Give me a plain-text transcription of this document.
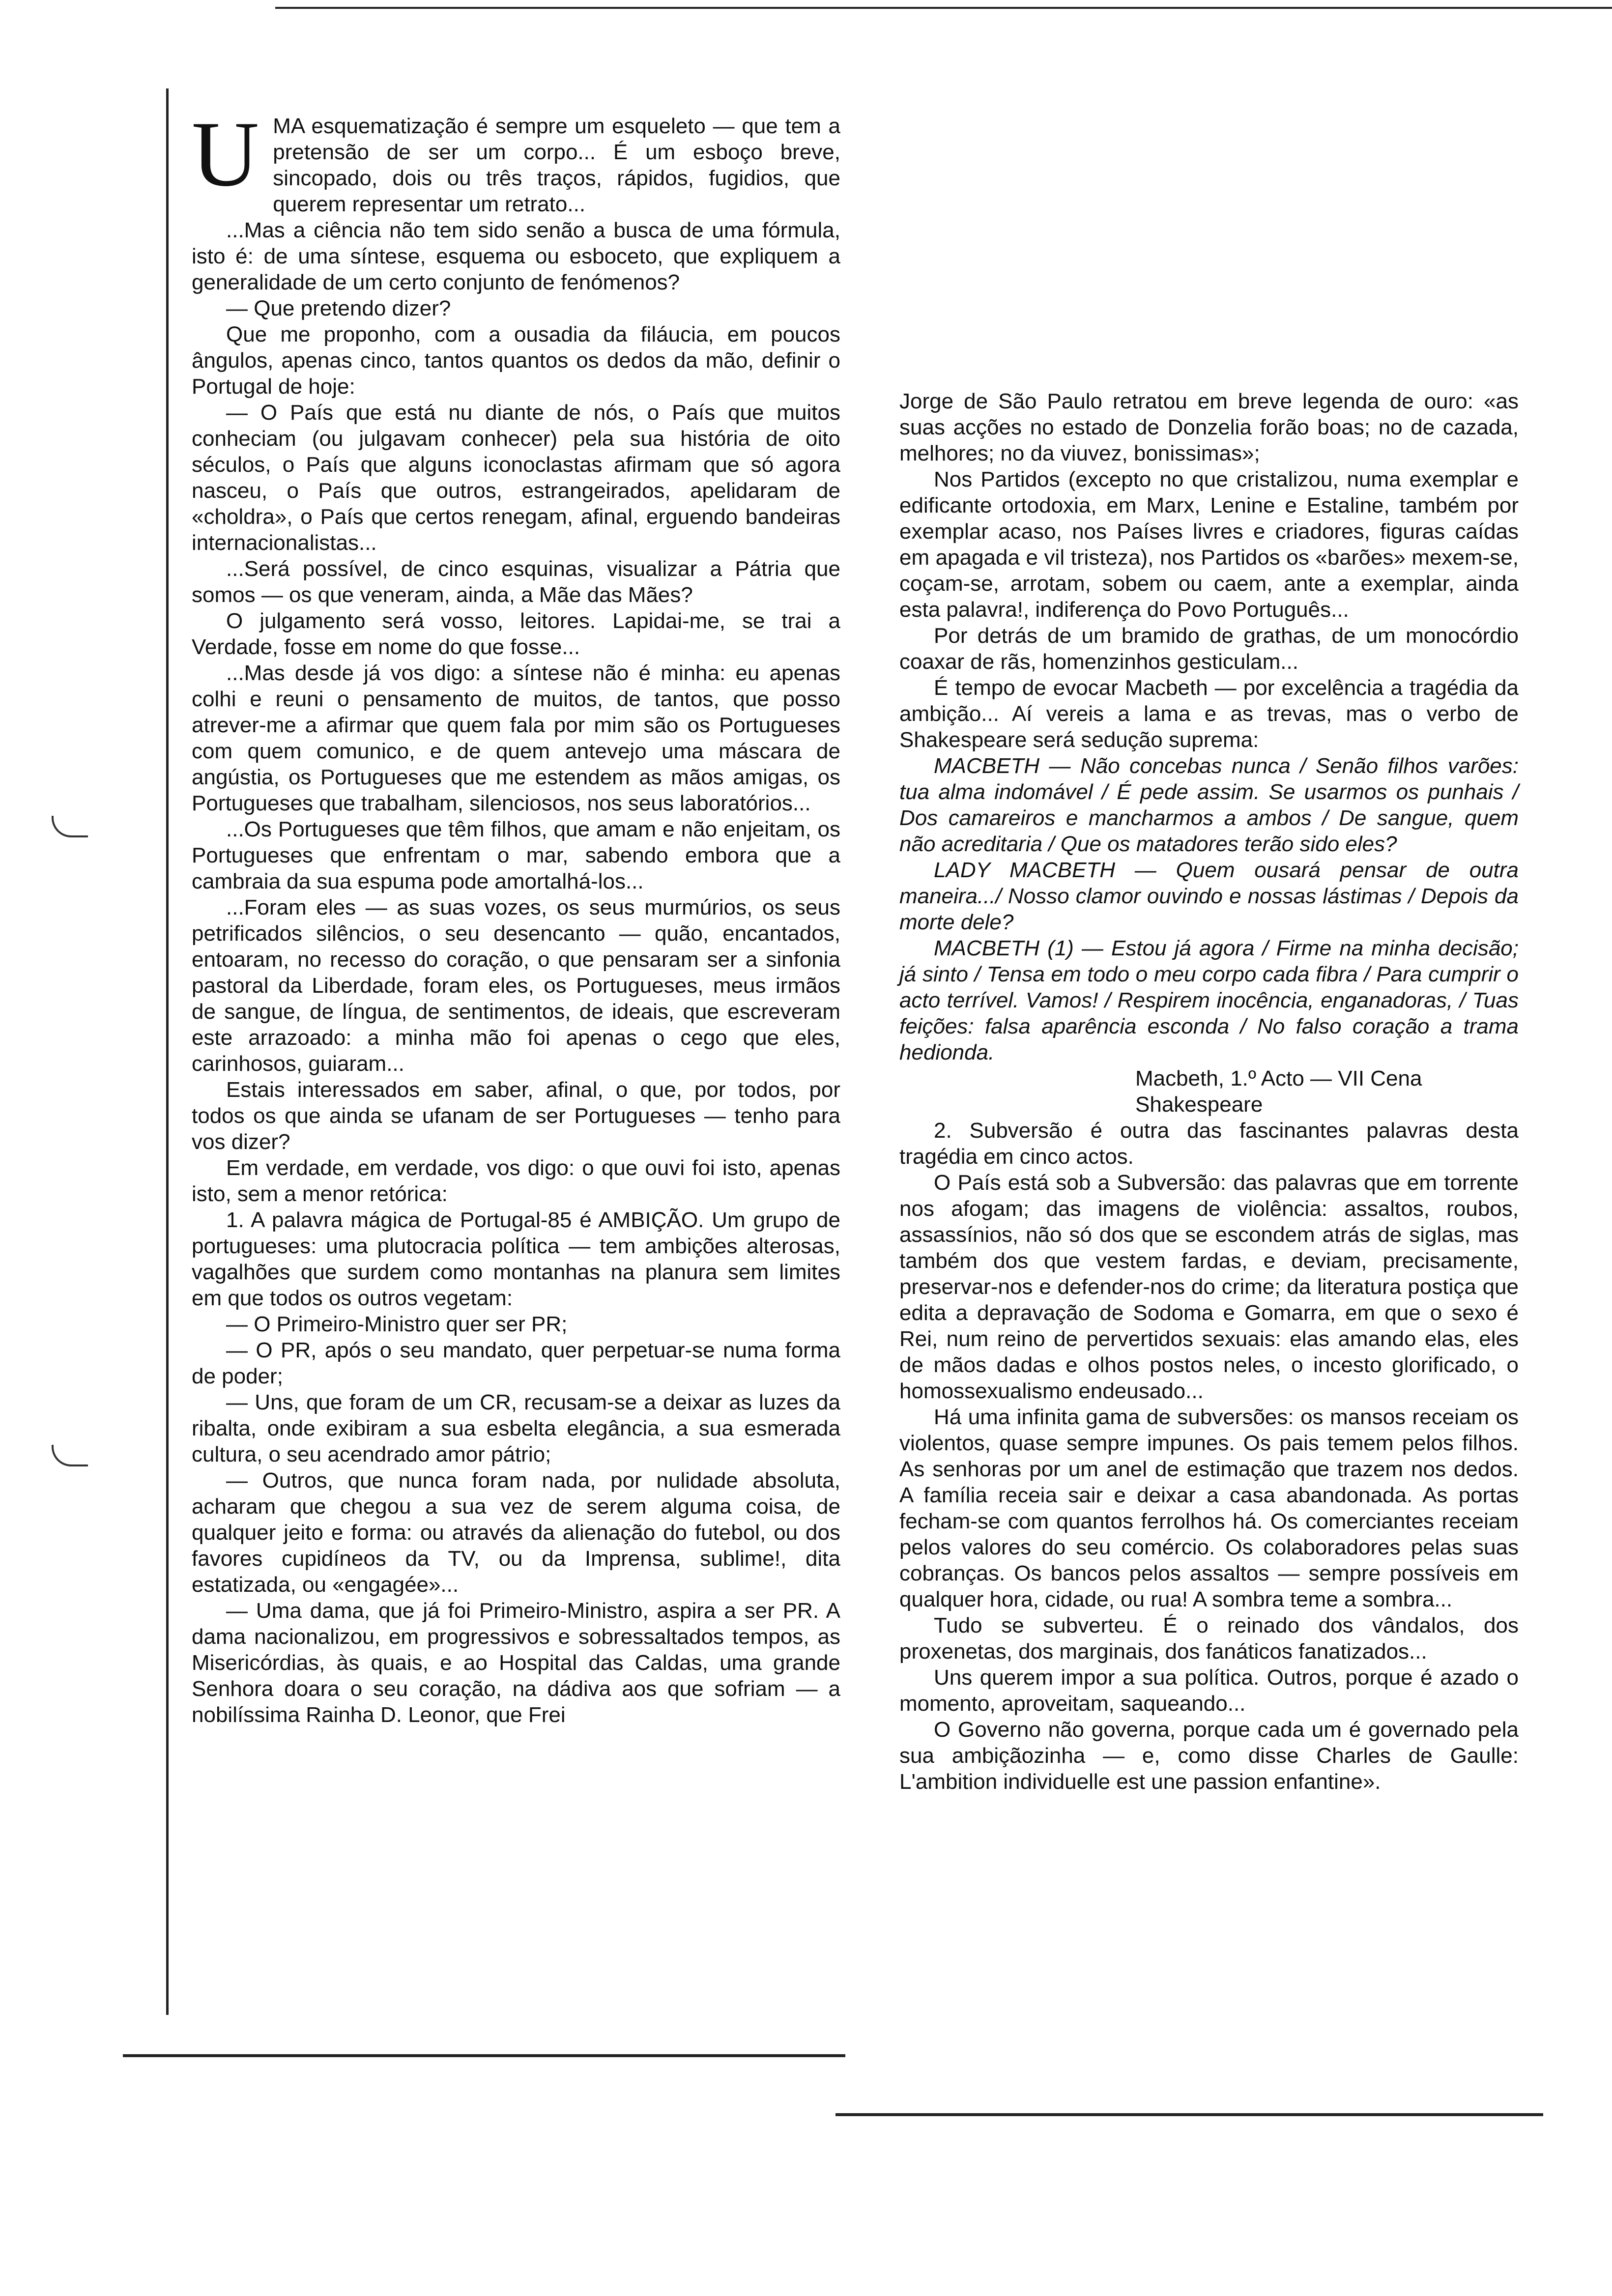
UMA esquematização é sempre um esqueleto — que tem a pretensão de ser um corpo... É um esboço breve, sincopado, dois ou três traços, rápidos, fugidios, que querem representar um retrato...

...Mas a ciência não tem sido senão a busca de uma fórmula, isto é: de uma síntese, esquema ou esboceto, que expliquem a generalidade de um certo conjunto de fenómenos?

— Que pretendo dizer?

Que me proponho, com a ousadia da filáucia, em poucos ângulos, apenas cinco, tantos quantos os dedos da mão, definir o Portugal de hoje:

— O País que está nu diante de nós, o País que muitos conheciam (ou julgavam conhecer) pela sua história de oito séculos, o País que alguns iconoclastas afirmam que só agora nasceu, o País que outros, estrangeirados, apelidaram de «choldra», o País que certos renegam, afinal, erguendo bandeiras internacionalistas...

...Será possível, de cinco esquinas, visualizar a Pátria que somos — os que veneram, ainda, a Mãe das Mães?

O julgamento será vosso, leitores. Lapidai-me, se trai a Verdade, fosse em nome do que fosse...

...Mas desde já vos digo: a síntese não é minha: eu apenas colhi e reuni o pensamento de muitos, de tantos, que posso atrever-me a afirmar que quem fala por mim são os Portugueses com quem comunico, e de quem antevejo uma máscara de angústia, os Portugueses que me estendem as mãos amigas, os Portugueses que trabalham, silenciosos, nos seus laboratórios...

...Os Portugueses que têm filhos, que amam e não enjeitam, os Portugueses que enfrentam o mar, sabendo embora que a cambraia da sua espuma pode amortalhá-los...

...Foram eles — as suas vozes, os seus murmúrios, os seus petrificados silêncios, o seu desencanto — quão, encantados, entoaram, no recesso do coração, o que pensaram ser a sinfonia pastoral da Liberdade, foram eles, os Portugueses, meus irmãos de sangue, de língua, de sentimentos, de ideais, que escreveram este arrazoado: a minha mão foi apenas o cego que eles, carinhosos, guiaram...

Estais interessados em saber, afinal, o que, por todos, por todos os que ainda se ufanam de ser Portugueses — tenho para vos dizer?

Em verdade, em verdade, vos digo: o que ouvi foi isto, apenas isto, sem a menor retórica:

1. A palavra mágica de Portugal-85 é AMBIÇÃO. Um grupo de portugueses: uma plutocracia política — tem ambições alterosas, vagalhões que surdem como montanhas na planura sem limites em que todos os outros vegetam:

— O Primeiro-Ministro quer ser PR;

— O PR, após o seu mandato, quer perpetuar-se numa forma de poder;

— Uns, que foram de um CR, recusam-se a deixar as luzes da ribalta, onde exibiram a sua esbelta elegância, a sua esmerada cultura, o seu acendrado amor pátrio;

— Outros, que nunca foram nada, por nulidade absoluta, acharam que chegou a sua vez de serem alguma coisa, de qualquer jeito e forma: ou através da alienação do futebol, ou dos favores cupidíneos da TV, ou da Imprensa, sublime!, dita estatizada, ou «engagée»...

— Uma dama, que já foi Primeiro-Ministro, aspira a ser PR. A dama nacionalizou, em progressivos e sobressaltados tempos, as Misericórdias, às quais, e ao Hospital das Caldas, uma grande Senhora doara o seu coração, na dádiva aos que sofriam — a nobilíssima Rainha D. Leonor, que Frei

Jorge de São Paulo retratou em breve legenda de ouro: «as suas acções no estado de Donzelia forão boas; no de cazada, melhores; no da viuvez, bonissimas»;

Nos Partidos (excepto no que cristalizou, numa exemplar e edificante ortodoxia, em Marx, Lenine e Estaline, também por exemplar acaso, nos Países livres e criadores, figuras caídas em apagada e vil tristeza), nos Partidos os «barões» mexem-se, coçam-se, arrotam, sobem ou caem, ante a exemplar, ainda esta palavra!, indiferença do Povo Português...

Por detrás de um bramido de grathas, de um monocórdio coaxar de rãs, homenzinhos gesticulam...

É tempo de evocar Macbeth — por excelência a tragédia da ambição... Aí vereis a lama e as trevas, mas o verbo de Shakespeare será sedução suprema:

MACBETH — Não concebas nunca / Senão filhos varões: tua alma indomável / É pede assim. Se usarmos os punhais / Dos camareiros e mancharmos a ambos / De sangue, quem não acreditaria / Que os matadores terão sido eles?

LADY MACBETH — Quem ousará pensar de outra maneira.../ Nosso clamor ouvindo e nossas lástimas / Depois da morte dele?

MACBETH (1) — Estou já agora / Firme na minha decisão; já sinto / Tensa em todo o meu corpo cada fibra / Para cumprir o acto terrível. Vamos! / Respirem inocência, enganadoras, / Tuas feições: falsa aparência esconda / No falso coração a trama hedionda.

Macbeth, 1.º Acto — VII Cena

Shakespeare

2. Subversão é outra das fascinantes palavras desta tragédia em cinco actos.

O País está sob a Subversão: das palavras que em torrente nos afogam; das imagens de violência: assaltos, roubos, assassínios, não só dos que se escondem atrás de siglas, mas também dos que vestem fardas, e deviam, precisamente, preservar-nos e defender-nos do crime; da literatura postiça que edita a depravação de Sodoma e Gomarra, em que o sexo é Rei, num reino de pervertidos sexuais: elas amando elas, eles de mãos dadas e olhos postos neles, o incesto glorificado, o homossexualismo endeusado...

Há uma infinita gama de subversões: os mansos receiam os violentos, quase sempre impunes. Os pais temem pelos filhos. As senhoras por um anel de estimação que trazem nos dedos. A família receia sair e deixar a casa abandonada. As portas fecham-se com quantos ferrolhos há. Os comerciantes receiam pelos valores do seu comércio. Os colaboradores pelas suas cobranças. Os bancos pelos assaltos — sempre possíveis em qualquer hora, cidade, ou rua! A sombra teme a sombra...

Tudo se subverteu. É o reinado dos vândalos, dos proxenetas, dos marginais, dos fanáticos fanatizados...

Uns querem impor a sua política. Outros, porque é azado o momento, aproveitam, saqueando...

O Governo não governa, porque cada um é governado pela sua ambiçãozinha — e, como disse Charles de Gaulle: L'ambition individuelle est une passion enfantine».
